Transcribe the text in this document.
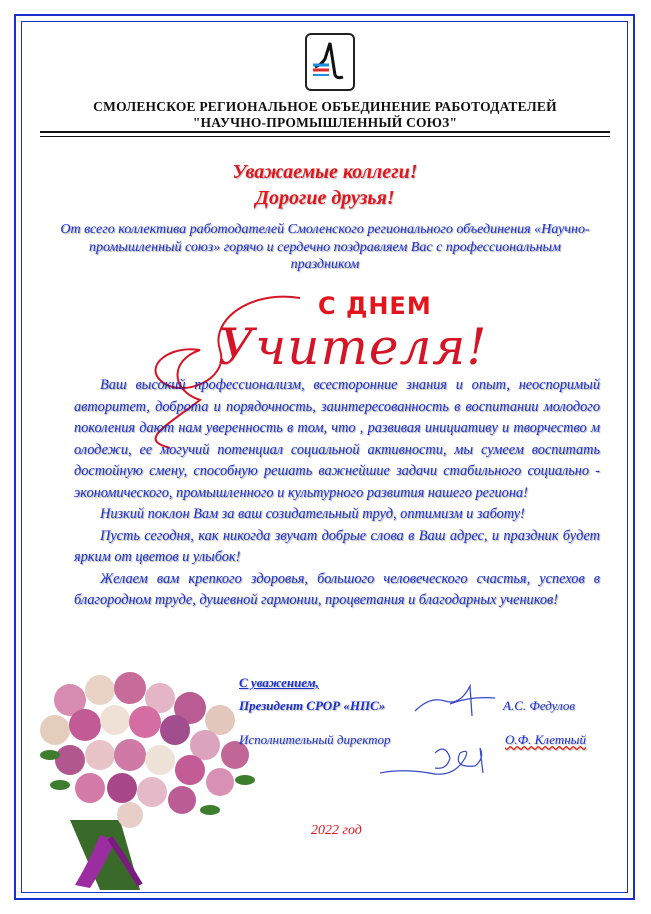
СМОЛЕНСКОЕ РЕГИОНАЛЬНОЕ ОБЪЕДИНЕНИЕ РАБОТОДАТЕЛЕЙ
"НАУЧНО-ПРОМЫШЛЕННЫЙ СОЮЗ"
Уважаемые коллеги!
Дорогие друзья!
От всего коллектива работодателей Смоленского регионального объединения «Научно-промышленный союз» горячо и сердечно поздравляем Вас с профессиональным праздником
С ДНЕМ
Учителя!

Ваш высокий профессионализм, всесторонние знания и опыт, неоспоримый авторитет, доброта и порядочность, заинтересованность в воспитании молодого поколения дают нам уверенность в том, что , развивая инициативу и творчество м олодежи, ее могучий потенциал социальной активности, мы сумеем воспитать достойную смену, способную решать важнейшие задачи стабильного социально - экономического, промышленного и культурного развития нашего региона!

Низкий поклон Вам за ваш созидательный труд, оптимизм и заботу!

Пусть сегодня, как никогда звучат добрые слова в Ваш адрес, и праздник будет ярким от цветов и улыбок!

Желаем вам крепкого здоровья, большого человеческого счастья, успехов в благородном труде, душевной гармонии, процветания и благодарных учеников!

С уважением,
Президент СРОР «НПС»	А.С. Федулов
Исполнительный директор	О.Ф. Клетный
2022 год
